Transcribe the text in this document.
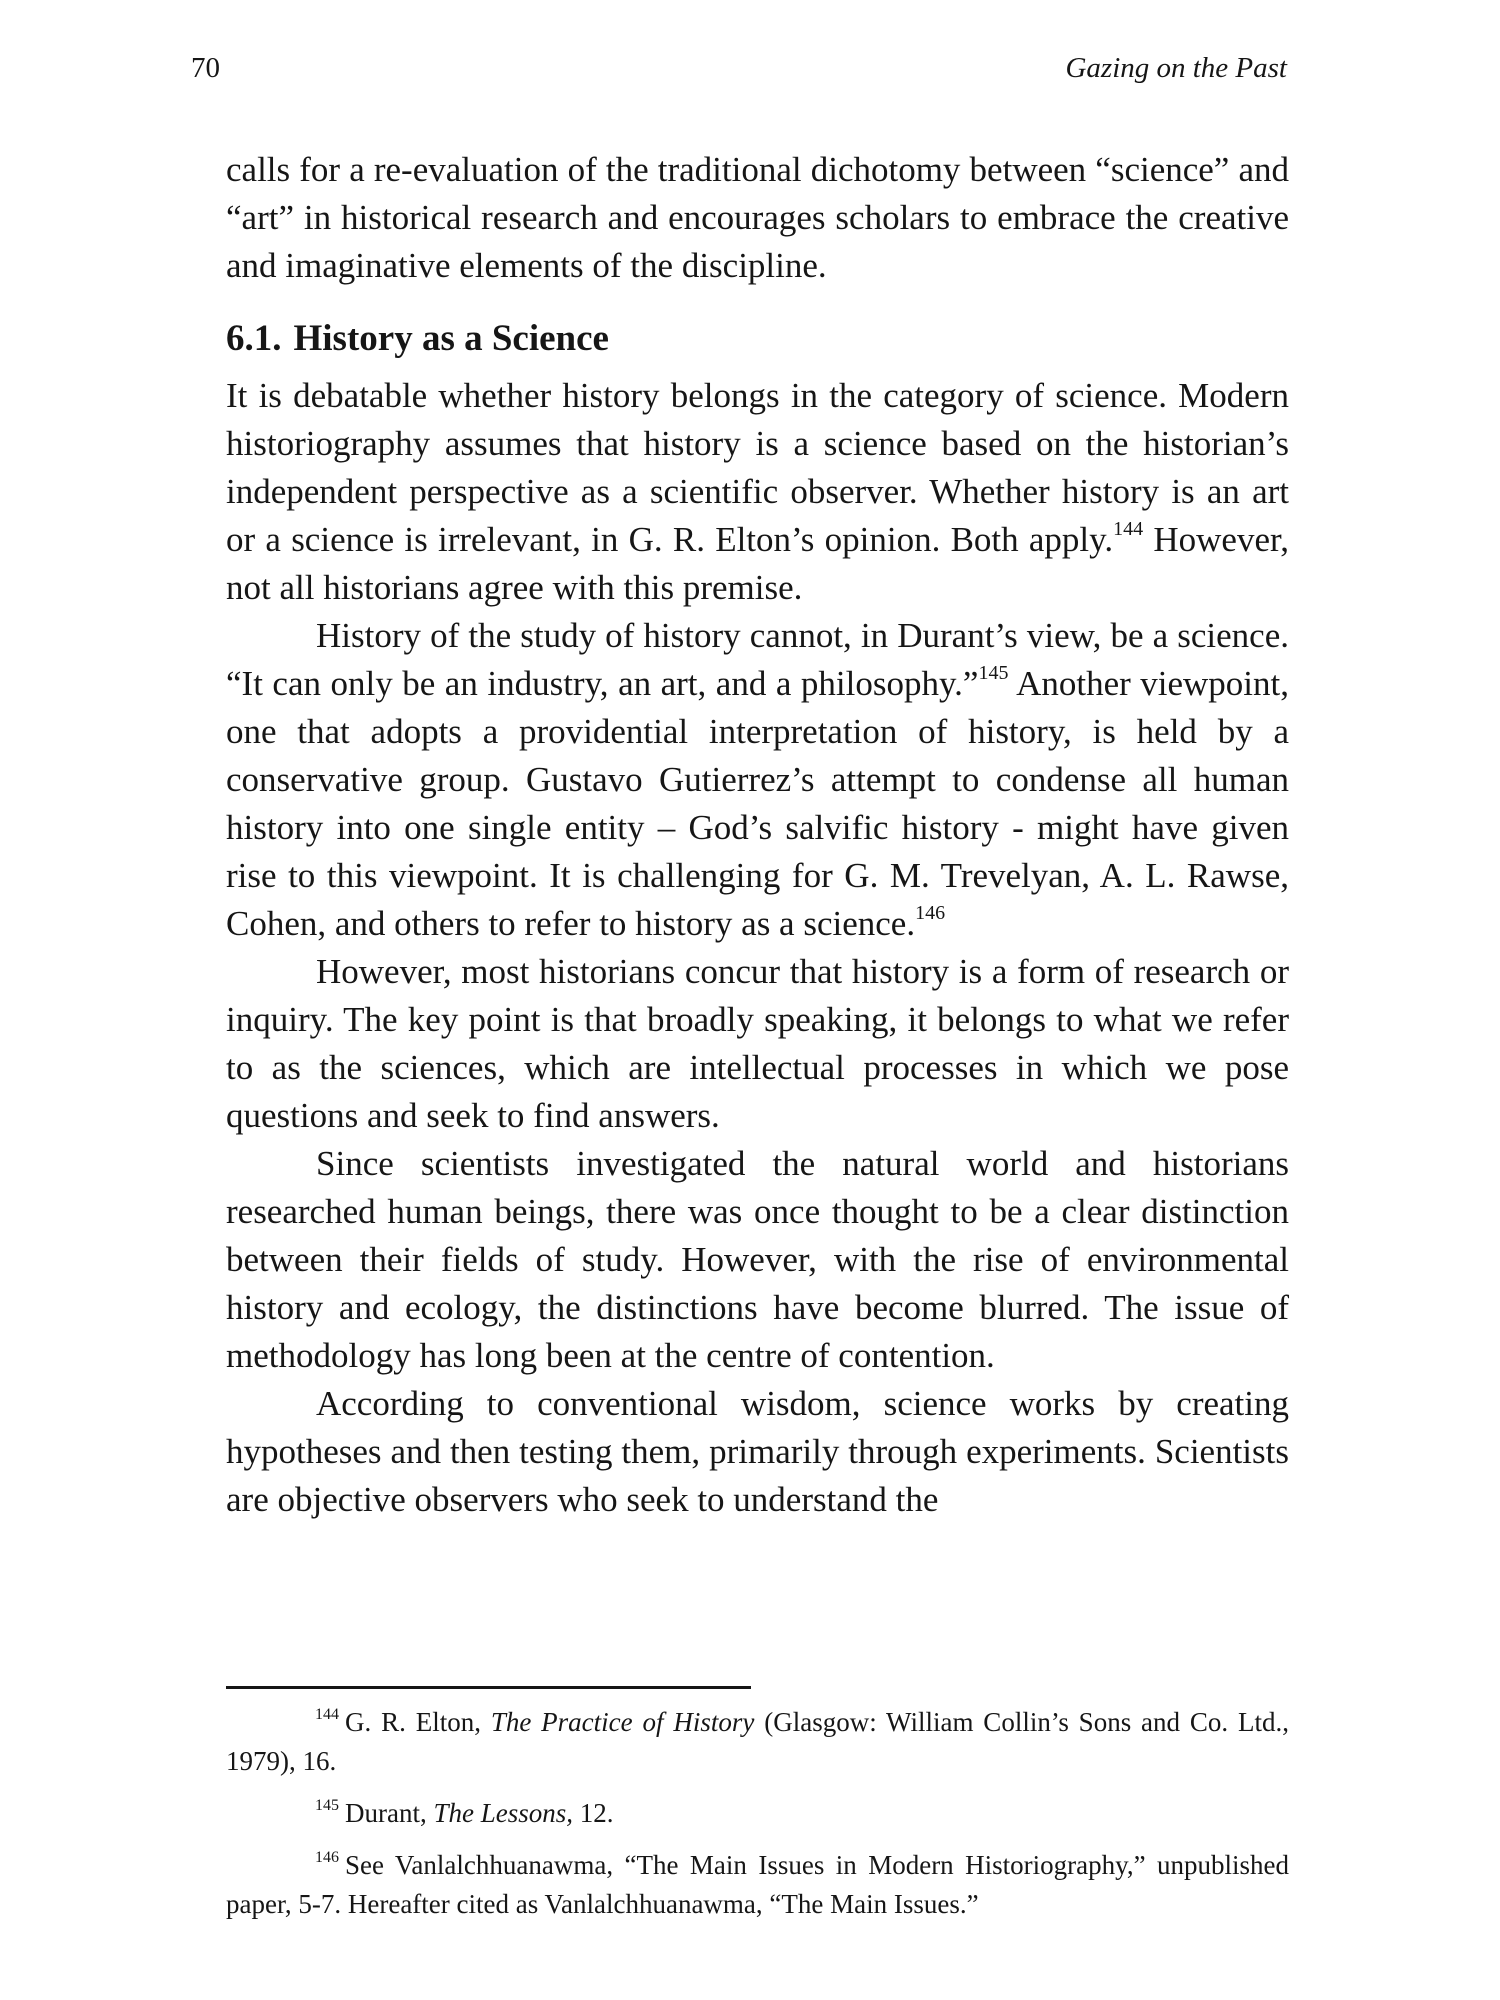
70	Gazing on the Past

calls for a re-evaluation of the traditional dichotomy between “science” and “art” in historical research and encourages scholars to embrace the creative and imaginative elements of the discipline.

6.1. History as a Science

It is debatable whether history belongs in the category of science. Modern historiography assumes that history is a science based on the historian’s independent perspective as a scientific observer. Whether history is an art or a science is irrelevant, in G. R. Elton’s opinion. Both apply.$^{144}$ However, not all historians agree with this premise.

History of the study of history cannot, in Durant’s view, be a science. “It can only be an industry, an art, and a philosophy.”$^{145}$ Another viewpoint, one that adopts a providential interpretation of history, is held by a conservative group. Gustavo Gutierrez’s attempt to condense all human history into one single entity – God’s salvific history - might have given rise to this viewpoint. It is challenging for G. M. Trevelyan, A. L. Rawse, Cohen, and others to refer to history as a science.$^{146}$

However, most historians concur that history is a form of research or inquiry. The key point is that broadly speaking, it belongs to what we refer to as the sciences, which are intellectual processes in which we pose questions and seek to find answers.

Since scientists investigated the natural world and historians researched human beings, there was once thought to be a clear distinction between their fields of study. However, with the rise of environmental history and ecology, the distinctions have become blurred. The issue of methodology has long been at the centre of contention.

According to conventional wisdom, science works by creating hypotheses and then testing them, primarily through experiments. Scientists are objective observers who seek to understand the

$^{144}$ G. R. Elton, The Practice of History (Glasgow: William Collin’s Sons and Co. Ltd., 1979), 16.

$^{145}$ Durant, The Lessons, 12.

$^{146}$ See Vanlalchhuanawma, “The Main Issues in Modern Historiography,” unpublished paper, 5-7. Hereafter cited as Vanlalchhuanawma, “The Main Issues.”
